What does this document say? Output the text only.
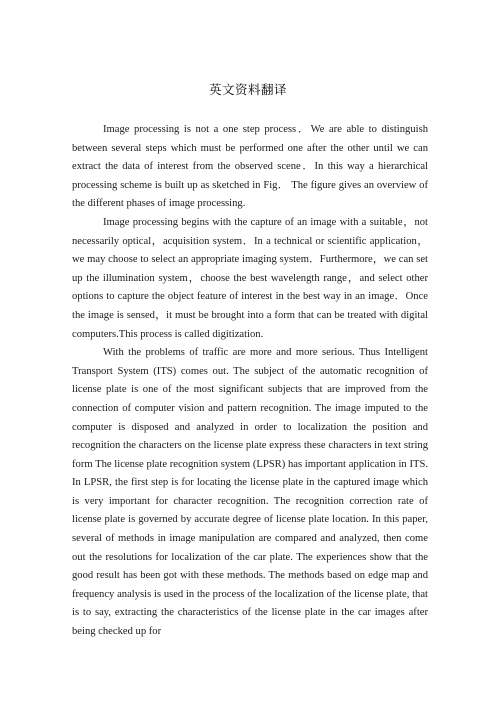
英文资料翻译

Image processing is not a one step process．We are able to distinguish between several steps which must be performed one after the other until we can extract the data of interest from the observed scene．In this way a hierarchical processing scheme is built up as sketched in Fig． The figure gives an overview of the different phases of image processing.

Image processing begins with the capture of an image with a suitable，not necessarily optical，acquisition system．In a technical or scientific application，we may choose to select an appropriate imaging system．Furthermore，we can set up the illumination system，choose the best wavelength range，and select other options to capture the object feature of interest in the best way in an image．Once the image is sensed，it must be brought into a form that can be treated with digital computers.This process is called digitization.

With the problems of traffic are more and more serious. Thus Intelligent Transport System (ITS) comes out. The subject of the automatic recognition of license plate is one of the most significant subjects that are improved from the connection of computer vision and pattern recognition. The image imputed to the computer is disposed and analyzed in order to localization the position and recognition the characters on the license plate express these characters in text string form The license plate recognition system (LPSR) has important application in ITS. In LPSR, the first step is for locating the license plate in the captured image which is very important for character recognition. The recognition correction rate of license plate is governed by accurate degree of license plate location. In this paper, several of methods in image manipulation are compared and analyzed, then come out the resolutions for localization of the car plate. The experiences show that the good result has been got with these methods. The methods based on edge map and frequency analysis is used in the process of the localization of the license plate, that is to say, extracting the characteristics of the license plate in the car images after being checked up for
